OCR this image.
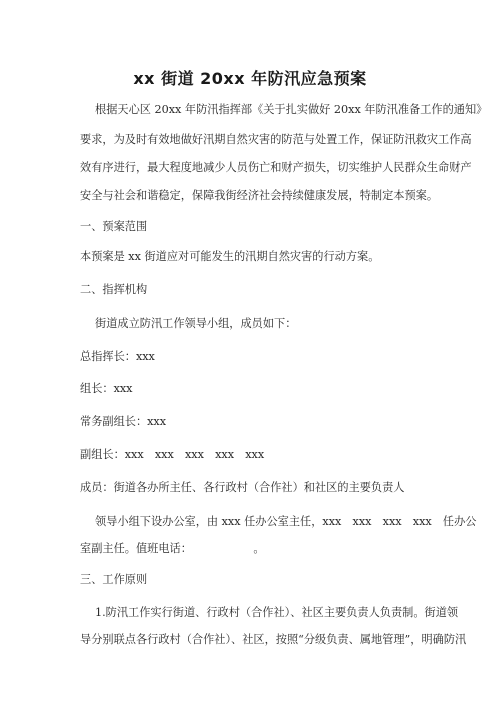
xx 街道 20xx 年防汛应急预案
根据天心区 20xx 年防汛指挥部《关于扎实做好 20xx 年防汛准备工作的通知》
要求，为及时有效地做好汛期自然灾害的防范与处置工作，保证防汛救灾工作高
效有序进行，最大程度地减少人员伤亡和财产损失，切实维护人民群众生命财产
安全与社会和谐稳定，保障我街经济社会持续健康发展，特制定本预案。
一、预案范围
本预案是 xx 街道应对可能发生的汛期自然灾害的行动方案。
二、指挥机构
街道成立防汛工作领导小组，成员如下：
总指挥长：xxx
组长：xxx
常务副组长：xxx
副组长：xxx　xxx　xxx　xxx　xxx
成员：街道各办所主任、各行政村（合作社）和社区的主要负责人
领导小组下设办公室，由 xxx 任办公室主任，xxx　xxx　xxx　xxx　任办公
室副主任。值班电话：　　　　　　。
三、工作原则
1.防汛工作实行街道、行政村（合作社）、社区主要负责人负责制。街道领
导分别联点各行政村（合作社）、社区，按照“分级负责、属地管理”，明确防汛
